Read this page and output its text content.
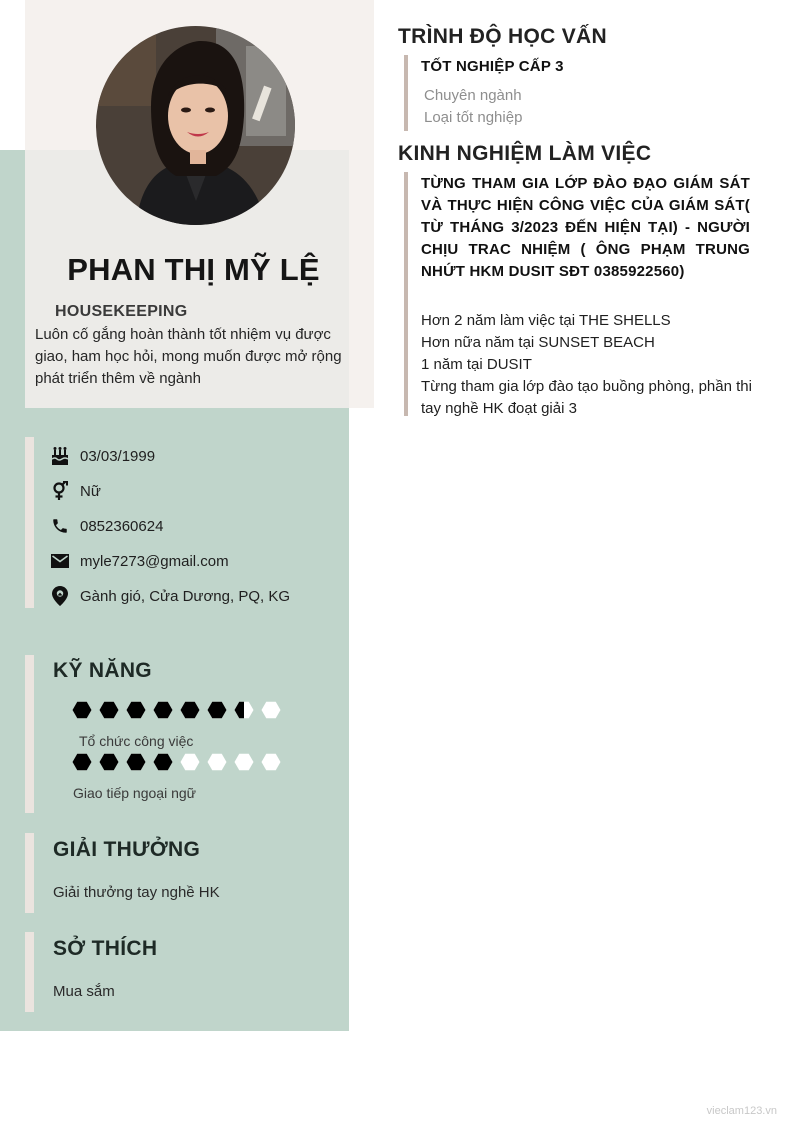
PHAN THỊ MỸ LỆ
HOUSEKEEPING
Luôn cố gắng hoàn thành tốt nhiệm vụ được giao, ham học hỏi, mong muốn được mở rộng phát triển thêm về ngành
03/03/1999
Nữ
0852360624
myle7273@gmail.com
Gành gió, Cửa Dương, PQ, KG
KỸ NĂNG
Tổ chức công việc
Giao tiếp ngoại ngữ
GIẢI THƯỞNG
Giải thưởng tay nghề HK
SỞ THÍCH
Mua sắm
TRÌNH ĐỘ HỌC VẤN
TỐT NGHIỆP CẤP 3
Chuyên ngành
Loại tốt nghiệp
KINH NGHIỆM LÀM VIỆC
TỪNG THAM GIA LỚP ĐÀO ĐẠO GIÁM SÁT VÀ THỰC HIỆN CÔNG VIỆC CỦA GIÁM SÁT( TỪ THÁNG 3/2023 ĐẾN HIỆN TẠI) - NGƯỜI CHỊU TRAC NHIỆM ( ÔNG PHẠM TRUNG NHỨT HKM DUSIT SĐT 0385922560)
Hơn 2 năm làm việc tại THE SHELLS
Hơn nữa năm tại SUNSET BEACH
1 năm tại DUSIT
Từng tham gia lớp đào tạo buồng phòng, phần thi
tay nghề HK đoạt giải 3
vieclam123.vn
